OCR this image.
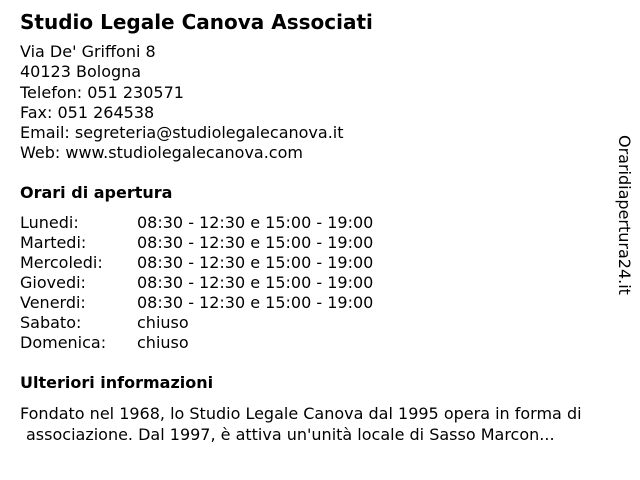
Studio Legale Canova Associati
Via De' Griffoni 8
40123 Bologna
Telefon: 051 230571
Fax: 051 264538
Email: segreteria@studiolegalecanova.it
Web: www.studiolegalecanova.com
Orari di apertura
Lunedi:	08:30 - 12:30 e 15:00 - 19:00
Martedi:	08:30 - 12:30 e 15:00 - 19:00
Mercoledi:	08:30 - 12:30 e 15:00 - 19:00
Giovedi:	08:30 - 12:30 e 15:00 - 19:00
Venerdi:	08:30 - 12:30 e 15:00 - 19:00
Sabato:	chiuso
Domenica:	chiuso
Ulteriori informazioni

Fondato nel 1968, lo Studio Legale Canova dal 1995 opera in forma di
associazione. Dal 1997, è attiva un'unità locale di Sasso Marcon...

Oraridiapertura24.it
